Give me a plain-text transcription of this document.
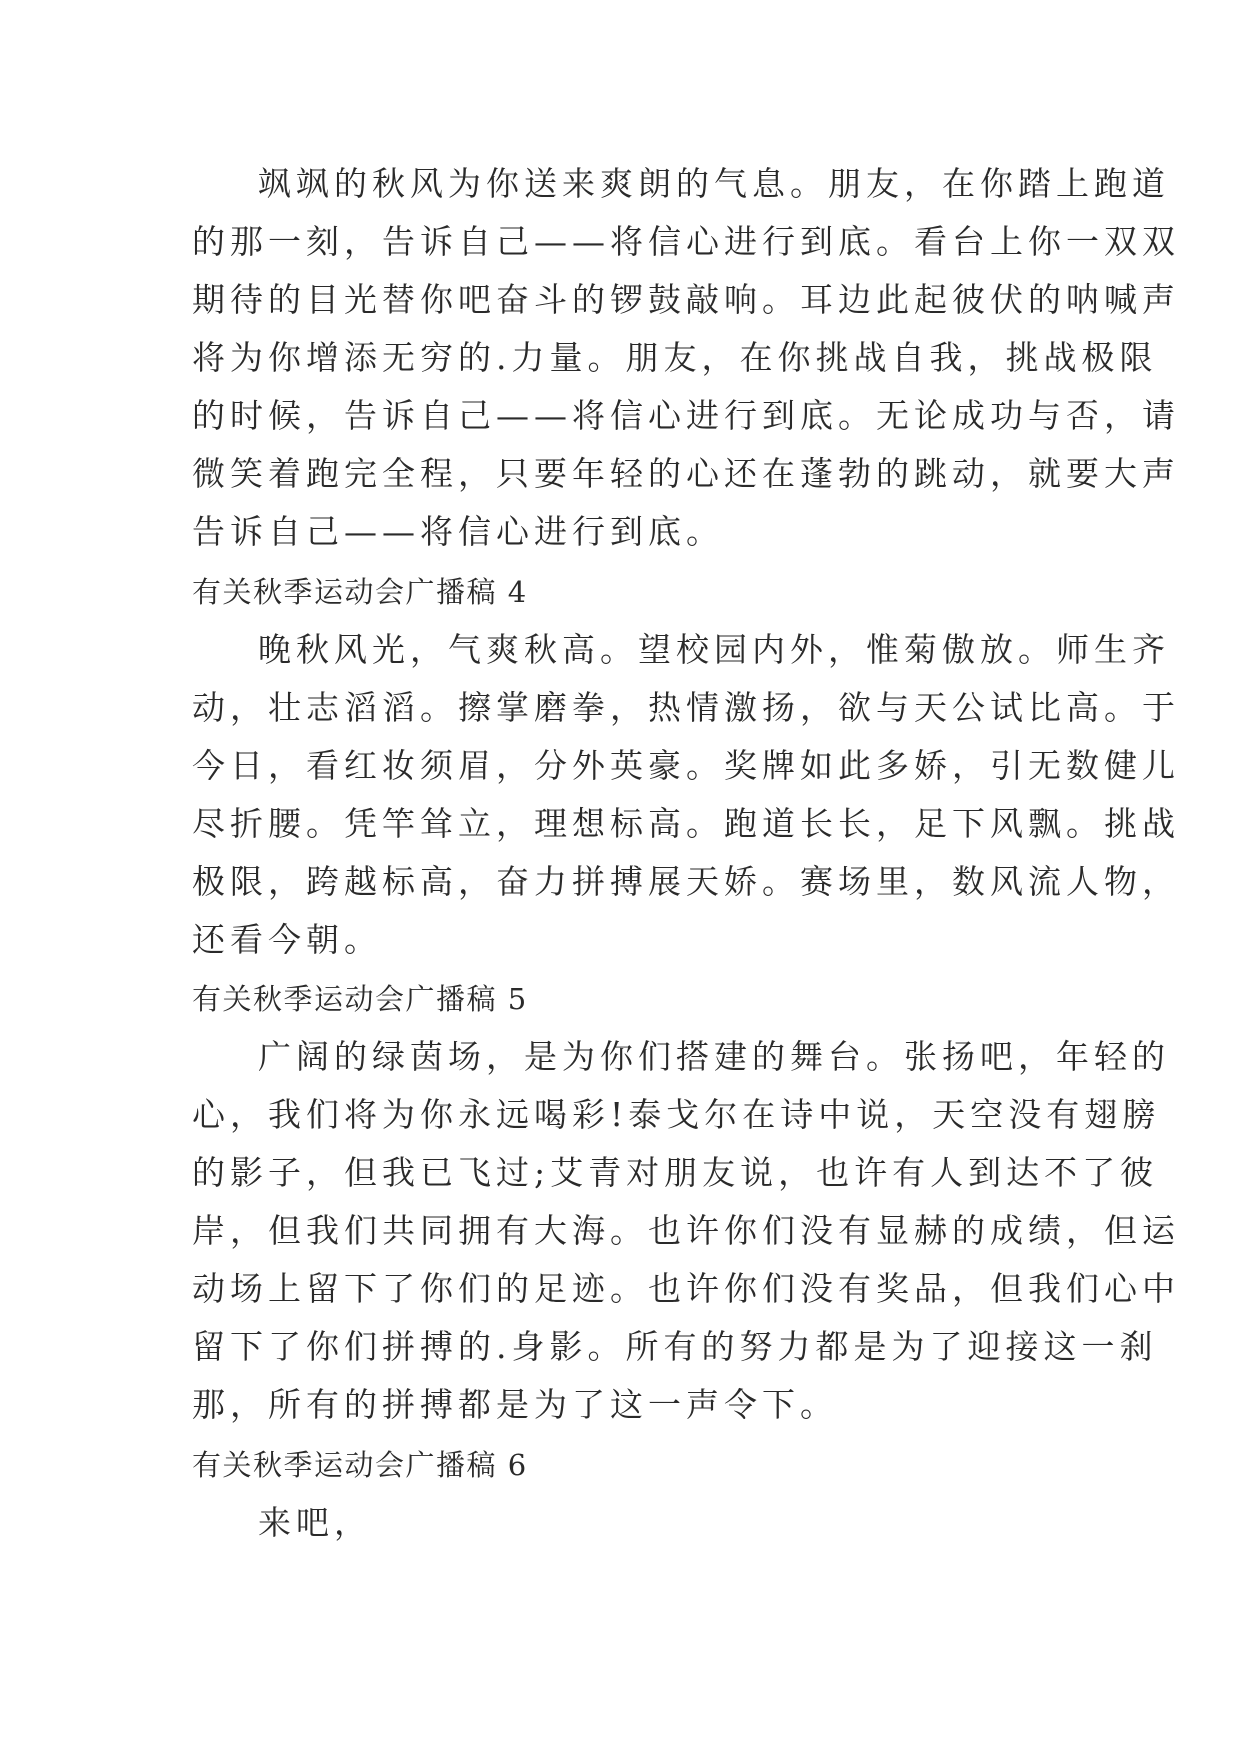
飒飒的秋风为你送来爽朗的气息。朋友，在你踏上跑道
的那一刻，告诉自己——将信心进行到底。看台上你一双双
期待的目光替你吧奋斗的锣鼓敲响。耳边此起彼伏的呐喊声
将为你增添无穷的.力量。朋友，在你挑战自我，挑战极限
的时候，告诉自己——将信心进行到底。无论成功与否，请
微笑着跑完全程，只要年轻的心还在蓬勃的跳动，就要大声
告诉自己——将信心进行到底。
有关秋季运动会广播稿 4
晚秋风光，气爽秋高。望校园内外，惟菊傲放。师生齐
动，壮志滔滔。擦掌磨拳，热情激扬，欲与天公试比高。于
今日，看红妆须眉，分外英豪。奖牌如此多娇，引无数健儿
尽折腰。凭竿耸立，理想标高。跑道长长，足下风飘。挑战
极限，跨越标高，奋力拼搏展天娇。赛场里，数风流人物，
还看今朝。
有关秋季运动会广播稿 5
广阔的绿茵场，是为你们搭建的舞台。张扬吧，年轻的
心，我们将为你永远喝彩!泰戈尔在诗中说，天空没有翅膀
的影子，但我已飞过;艾青对朋友说，也许有人到达不了彼
岸，但我们共同拥有大海。也许你们没有显赫的成绩，但运
动场上留下了你们的足迹。也许你们没有奖品，但我们心中
留下了你们拼搏的.身影。所有的努力都是为了迎接这一刹
那，所有的拼搏都是为了这一声令下。
有关秋季运动会广播稿 6
来吧，
